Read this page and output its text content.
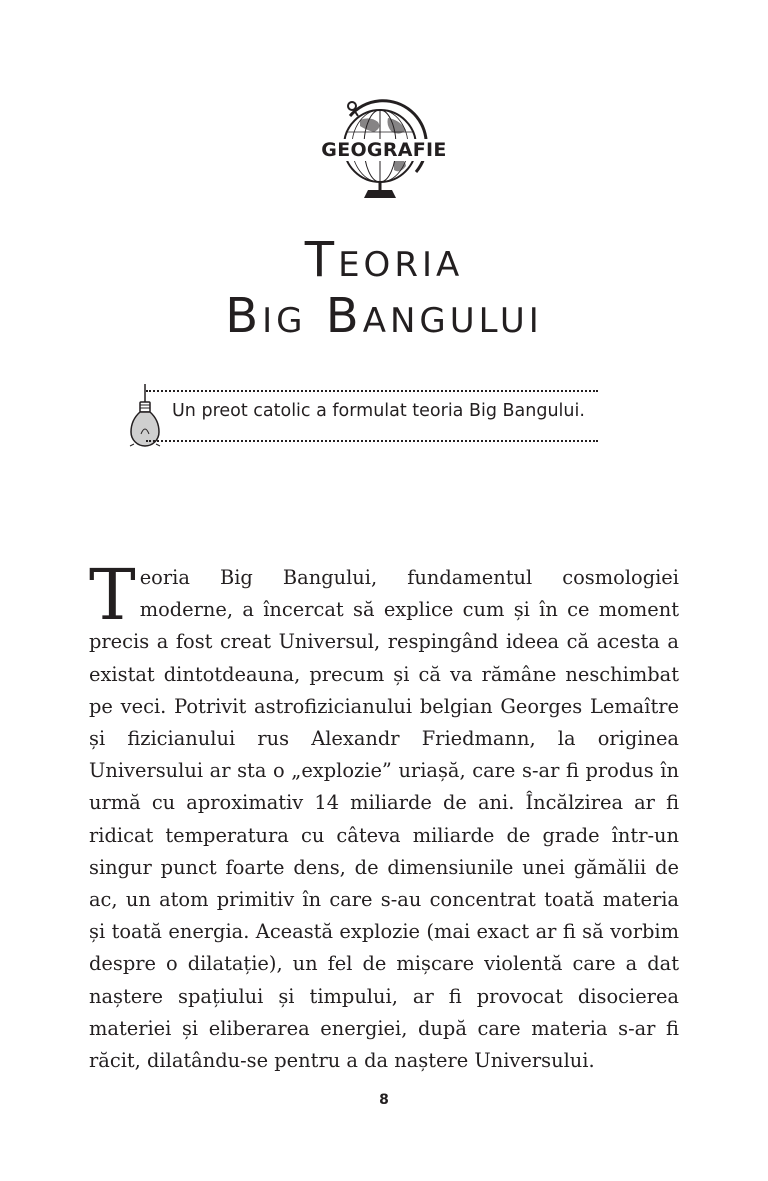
GEOGRAFIE
Teoria
Big Bangului
Un preot catolic a formulat teoria Big Bangului.
Teoria Big Bangului, fundamentul cosmologiei moderne, a încercat să explice cum și în ce moment precis a fost creat Universul, respingând ideea că acesta a existat dintotdeauna, precum și că va rămâne neschimbat pe veci. Potrivit astrofizicianului belgian Georges Lemaître și fizicianului rus Alexandr Friedmann, la originea Universului ar sta o „explozie” uriașă, care s-ar fi produs în urmă cu aproximativ 14 miliarde de ani. Încălzirea ar fi ridicat temperatura cu câteva miliarde de grade într-un singur punct foarte dens, de dimensiunile unei gămălii de ac, un atom primitiv în care s-au concentrat toată materia și toată energia. Această explozie (mai exact ar fi să vorbim despre o dilatație), un fel de mișcare violentă care a dat naștere spațiului și timpului, ar fi provocat disocierea materiei și eliberarea energiei, după care materia s-ar fi răcit, dilatându-se pentru a da naștere Universului.
8
